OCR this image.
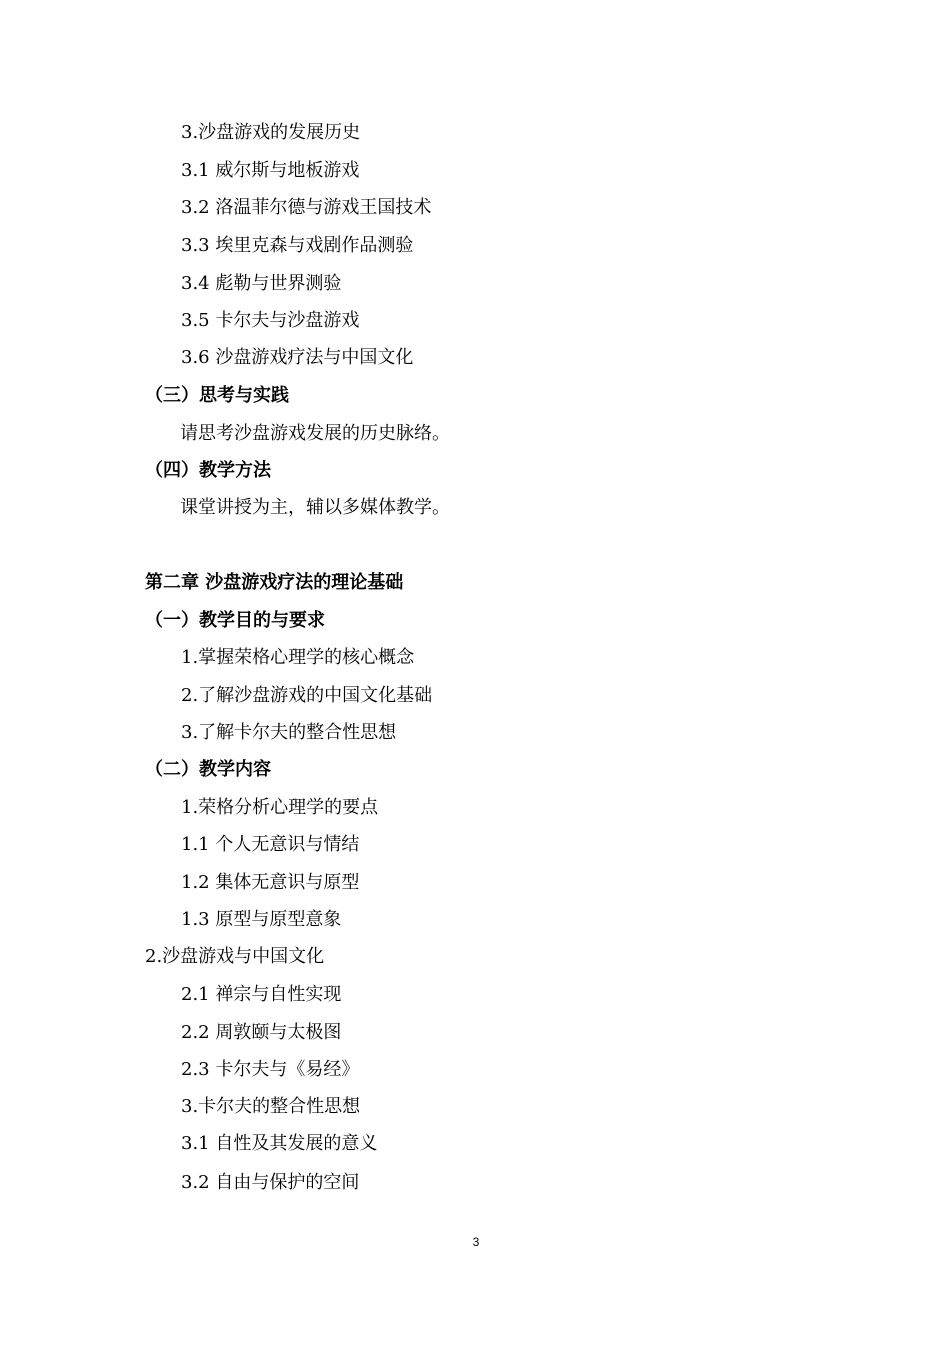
3.沙盘游戏的发展历史
3.1 威尔斯与地板游戏
3.2 洛温菲尔德与游戏王国技术
3.3 埃里克森与戏剧作品测验
3.4 彪勒与世界测验
3.5 卡尔夫与沙盘游戏
3.6 沙盘游戏疗法与中国文化
（三）思考与实践
请思考沙盘游戏发展的历史脉络。
（四）教学方法
课堂讲授为主，辅以多媒体教学。
第二章 沙盘游戏疗法的理论基础
（一）教学目的与要求
1.掌握荣格心理学的核心概念
2.了解沙盘游戏的中国文化基础
3.了解卡尔夫的整合性思想
（二）教学内容
1.荣格分析心理学的要点
1.1 个人无意识与情结
1.2 集体无意识与原型
1.3 原型与原型意象
2.沙盘游戏与中国文化
2.1 禅宗与自性实现
2.2 周敦颐与太极图
2.3 卡尔夫与《易经》
3.卡尔夫的整合性思想
3.1 自性及其发展的意义
3.2 自由与保护的空间
3
